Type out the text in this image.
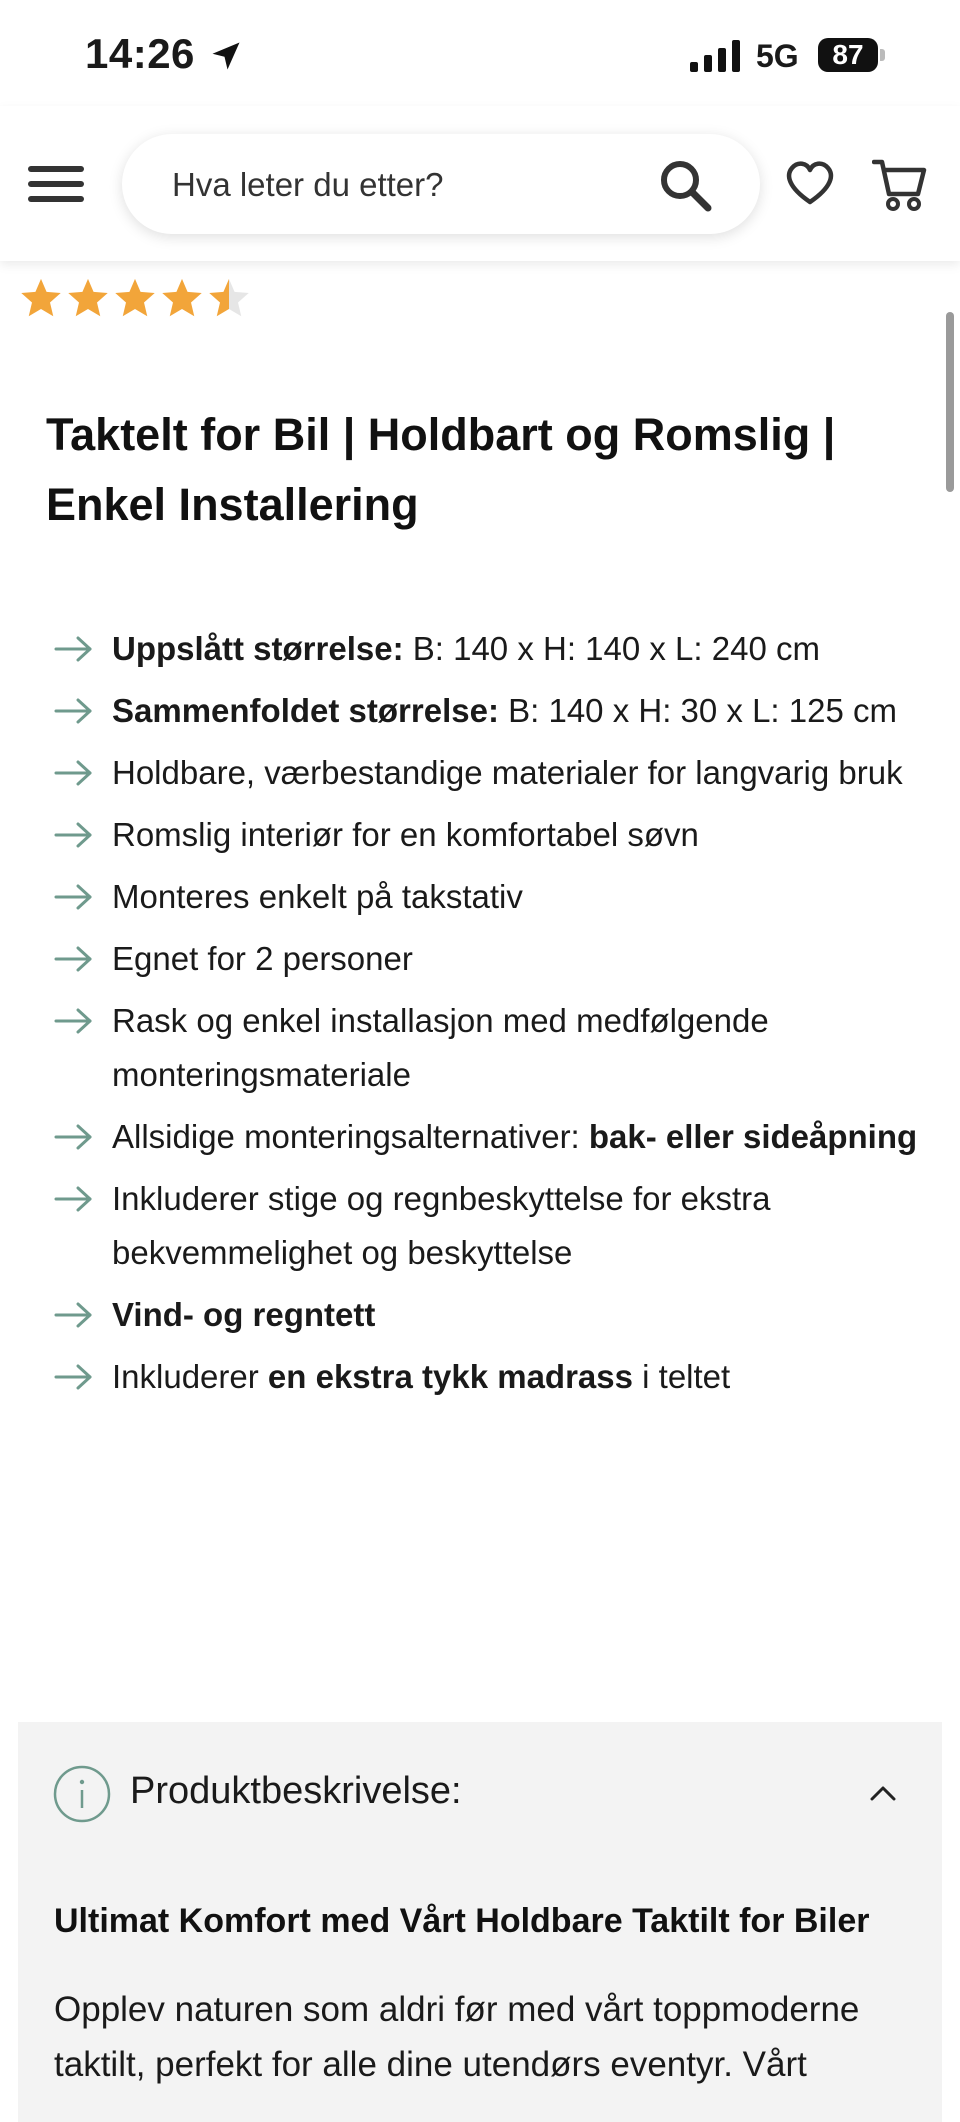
14:26	5G	87
Hva leter du etter?
Taktelt for Bil | Holdbart og Romslig | Enkel Installering
Uppslått størrelse: B: 140 x H: 140 x L: 240 cm
Sammenfoldet størrelse: B: 140 x H: 30 x L: 125 cm
Holdbare, værbestandige materialer for langvarig bruk
Romslig interiør for en komfortabel søvn
Monteres enkelt på takstativ
Egnet for 2 personer
Rask og enkel installasjon med medfølgende monteringsmateriale
Allsidige monteringsalternativer: bak- eller sideåpning
Inkluderer stige og regnbeskyttelse for ekstra bekvemmelighet og beskyttelse
Vind- og regntett
Inkluderer en ekstra tykk madrass i teltet
Produktbeskrivelse:
Ultimat Komfort med Vårt Holdbare Taktilt for Biler

Opplev naturen som aldri før med vårt toppmoderne taktilt, perfekt for alle dine utendørs eventyr. Vårt
